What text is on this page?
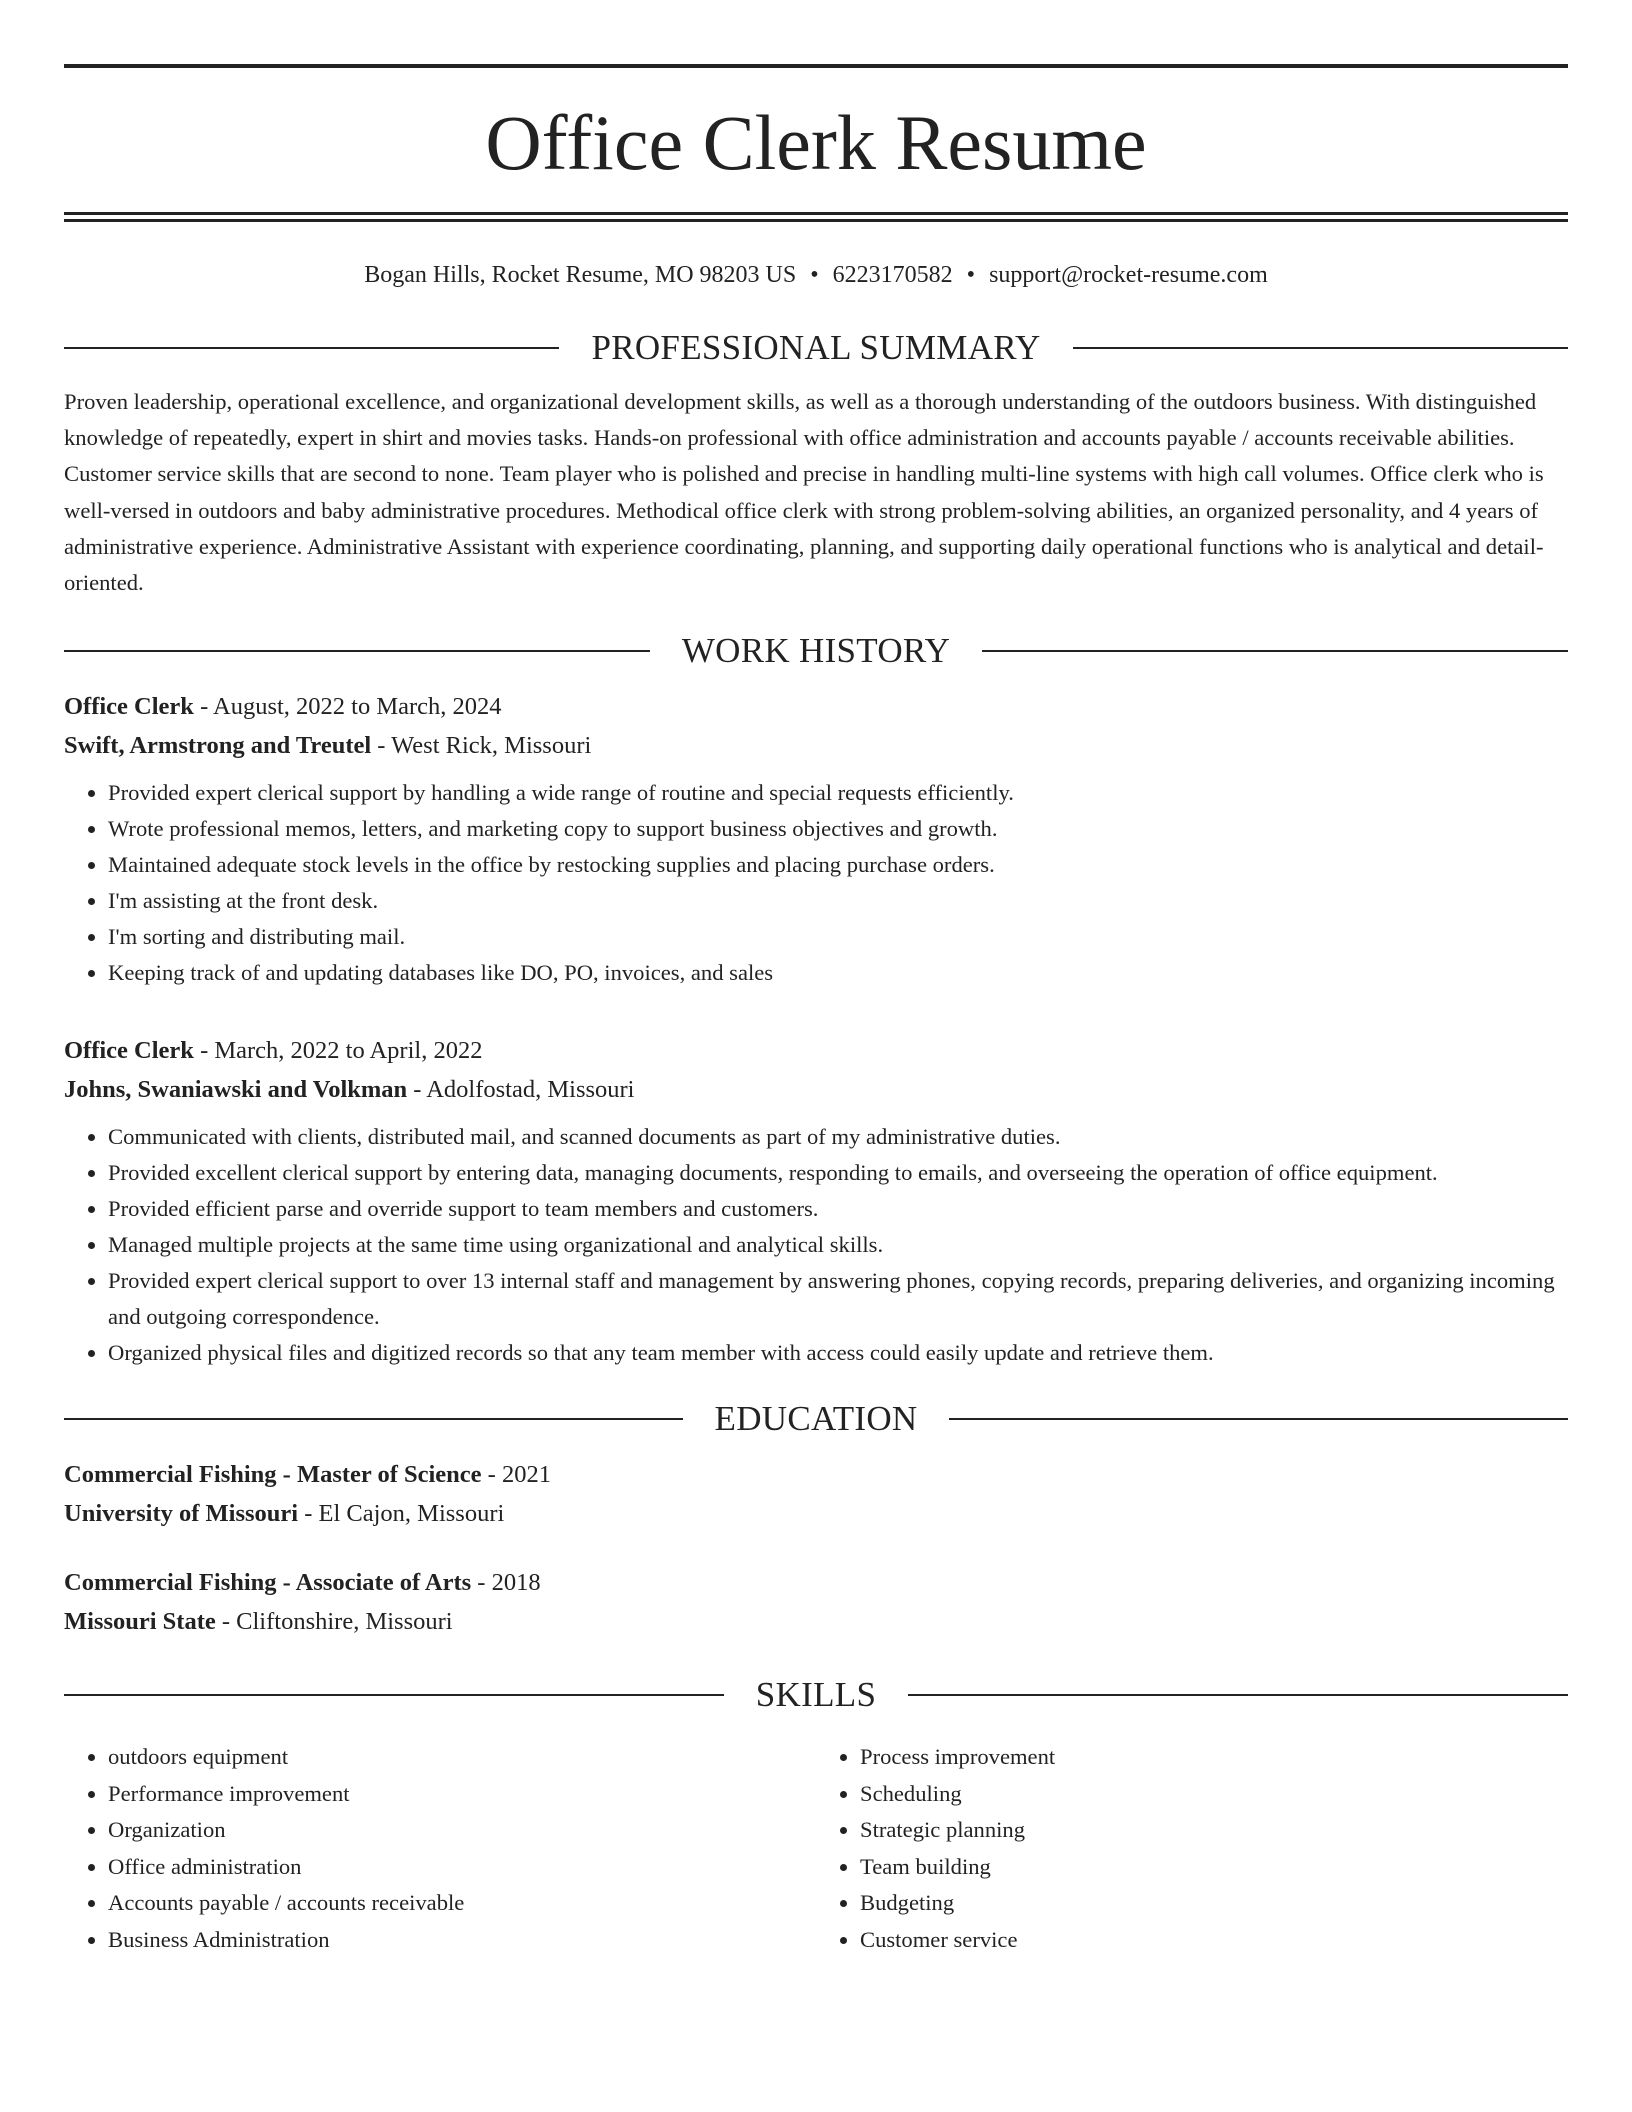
Office Clerk Resume
Bogan Hills, Rocket Resume, MO 98203 US • 6223170582 • support@rocket-resume.com
PROFESSIONAL SUMMARY

Proven leadership, operational excellence, and organizational development skills, as well as a thorough understanding of the outdoors business. With distinguished knowledge of repeatedly, expert in shirt and movies tasks. Hands-on professional with office administration and accounts payable / accounts receivable abilities. Customer service skills that are second to none. Team player who is polished and precise in handling multi-line systems with high call volumes. Office clerk who is well-versed in outdoors and baby administrative procedures. Methodical office clerk with strong problem-solving abilities, an organized personality, and 4 years of administrative experience. Administrative Assistant with experience coordinating, planning, and supporting daily operational functions who is analytical and detail-oriented.

WORK HISTORY
Office Clerk - August, 2022 to March, 2024
Swift, Armstrong and Treutel - West Rick, Missouri
• Provided expert clerical support by handling a wide range of routine and special requests efficiently.
• Wrote professional memos, letters, and marketing copy to support business objectives and growth.
• Maintained adequate stock levels in the office by restocking supplies and placing purchase orders.
• I'm assisting at the front desk.
• I'm sorting and distributing mail.
• Keeping track of and updating databases like DO, PO, invoices, and sales
Office Clerk - March, 2022 to April, 2022
Johns, Swaniawski and Volkman - Adolfostad, Missouri
• Communicated with clients, distributed mail, and scanned documents as part of my administrative duties.
• Provided excellent clerical support by entering data, managing documents, responding to emails, and overseeing the operation of office equipment.
• Provided efficient parse and override support to team members and customers.
• Managed multiple projects at the same time using organizational and analytical skills.
• Provided expert clerical support to over 13 internal staff and management by answering phones, copying records, preparing deliveries, and organizing incoming and outgoing correspondence.
• Organized physical files and digitized records so that any team member with access could easily update and retrieve them.
EDUCATION
Commercial Fishing - Master of Science - 2021
University of Missouri - El Cajon, Missouri
Commercial Fishing - Associate of Arts - 2018
Missouri State - Cliftonshire, Missouri
SKILLS
• outdoors equipment
• Performance improvement
• Organization
• Office administration
• Accounts payable / accounts receivable
• Business Administration
• Process improvement
• Scheduling
• Strategic planning
• Team building
• Budgeting
• Customer service
